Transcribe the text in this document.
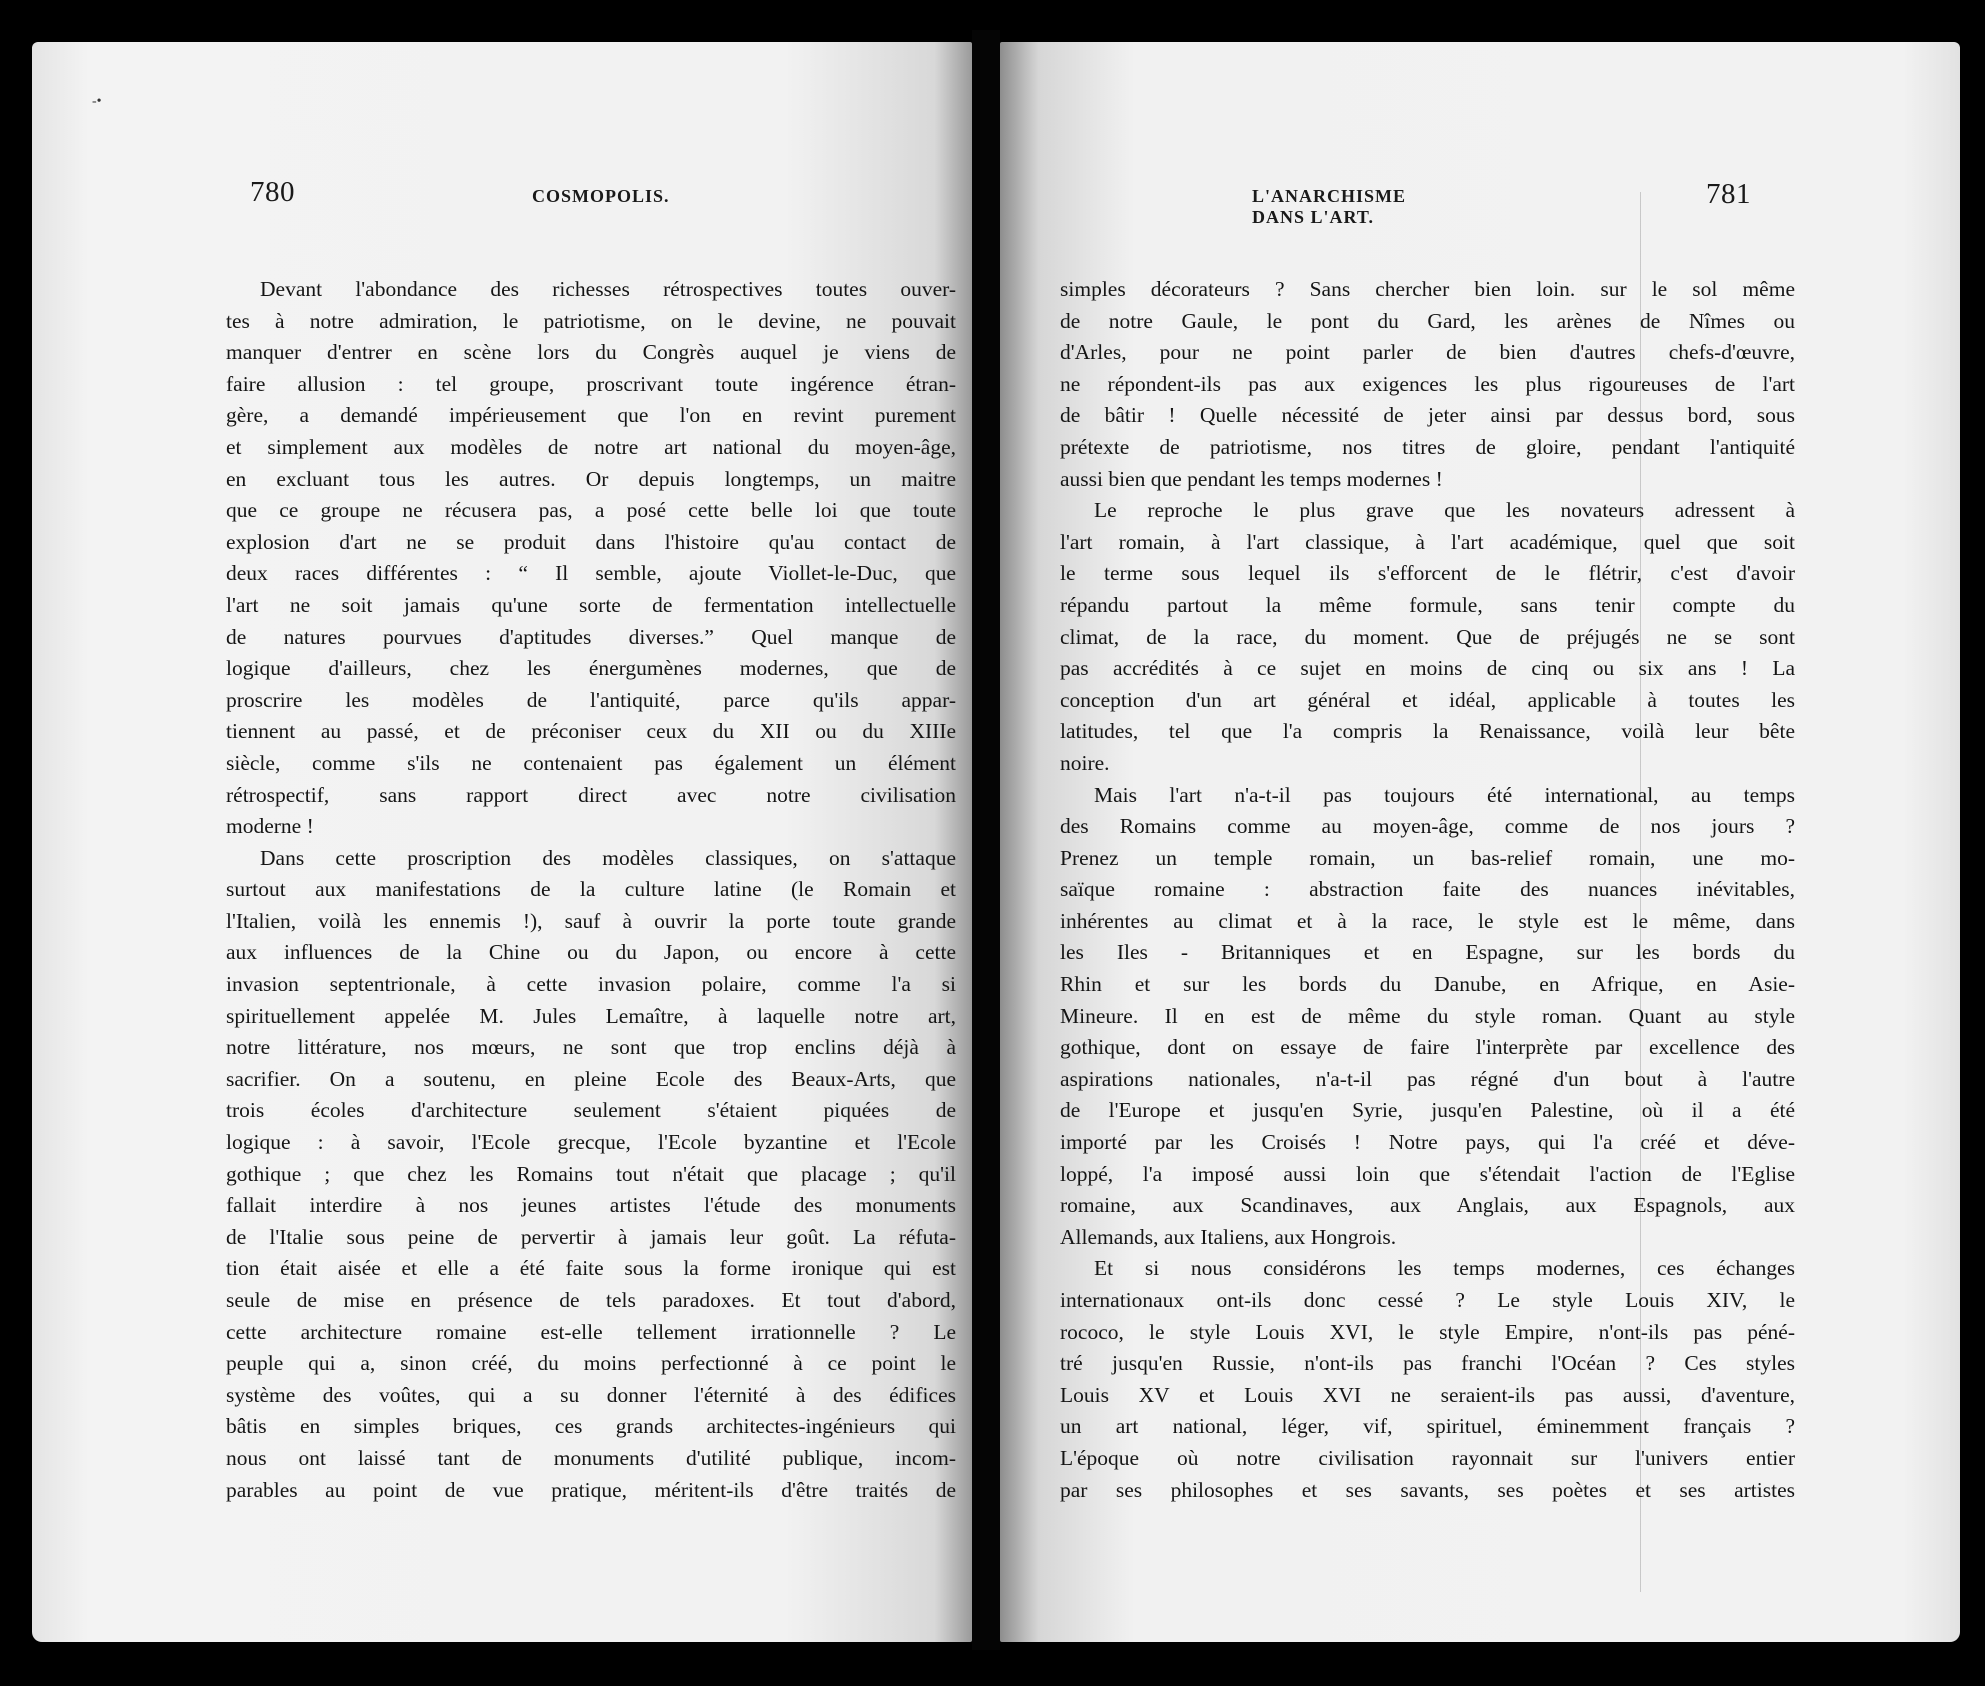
780	COSMOPOLIS.
‑•
Devant l'abondance des richesses rétrospectives toutes ouver-
tes à notre admiration, le patriotisme, on le devine, ne pouvait
manquer d'entrer en scène lors du Congrès auquel je viens de
faire allusion : tel groupe, proscrivant toute ingérence étran-
gère, a demandé impérieusement que l'on en revint purement
et simplement aux modèles de notre art national du moyen-âge,
en excluant tous les autres. Or depuis longtemps, un maitre
que ce groupe ne récusera pas, a posé cette belle loi que toute
explosion d'art ne se produit dans l'histoire qu'au contact de
deux races différentes : “ Il semble, ajoute Viollet-le-Duc, que
l'art ne soit jamais qu'une sorte de fermentation intellectuelle
de natures pourvues d'aptitudes diverses.” Quel manque de
logique d'ailleurs, chez les énergumènes modernes, que de
proscrire les modèles de l'antiquité, parce qu'ils appar-
tiennent au passé, et de préconiser ceux du XII ou du XIIIe
siècle, comme s'ils ne contenaient pas également un élément
rétrospectif, sans rapport direct avec notre civilisation
moderne !
Dans cette proscription des modèles classiques, on s'attaque
surtout aux manifestations de la culture latine (le Romain et
l'Italien, voilà les ennemis !), sauf à ouvrir la porte toute grande
aux influences de la Chine ou du Japon, ou encore à cette
invasion septentrionale, à cette invasion polaire, comme l'a si
spirituellement appelée M. Jules Lemaître, à laquelle notre art,
notre littérature, nos mœurs, ne sont que trop enclins déjà à
sacrifier. On a soutenu, en pleine Ecole des Beaux-Arts, que
trois écoles d'architecture seulement s'étaient piquées de
logique : à savoir, l'Ecole grecque, l'Ecole byzantine et l'Ecole
gothique ; que chez les Romains tout n'était que placage ; qu'il
fallait interdire à nos jeunes artistes l'étude des monuments
de l'Italie sous peine de pervertir à jamais leur goût. La réfuta-
tion était aisée et elle a été faite sous la forme ironique qui est
seule de mise en présence de tels paradoxes. Et tout d'abord,
cette architecture romaine est-elle tellement irrationnelle ? Le
peuple qui a, sinon créé, du moins perfectionné à ce point le
système des voûtes, qui a su donner l'éternité à des édifices
bâtis en simples briques, ces grands architectes-ingénieurs qui
nous ont laissé tant de monuments d'utilité publique, incom-
parables au point de vue pratique, méritent-ils d'être traités de
L'ANARCHISME DANS L'ART.
781
simples décorateurs ? Sans chercher bien loin. sur le sol même
de notre Gaule, le pont du Gard, les arènes de Nîmes ou
d'Arles, pour ne point parler de bien d'autres chefs-d'œuvre,
ne répondent-ils pas aux exigences les plus rigoureuses de l'art
de bâtir ! Quelle nécessité de jeter ainsi par dessus bord, sous
prétexte de patriotisme, nos titres de gloire, pendant l'antiquité
aussi bien que pendant les temps modernes !
Le reproche le plus grave que les novateurs adressent à
l'art romain, à l'art classique, à l'art académique, quel que soit
le terme sous lequel ils s'efforcent de le flétrir, c'est d'avoir
répandu partout la même formule, sans tenir compte du
climat, de la race, du moment. Que de préjugés ne se sont
pas accrédités à ce sujet en moins de cinq ou six ans ! La
conception d'un art général et idéal, applicable à toutes les
latitudes, tel que l'a compris la Renaissance, voilà leur bête
noire.
Mais l'art n'a-t-il pas toujours été international, au temps
des Romains comme au moyen-âge, comme de nos jours ?
Prenez un temple romain, un bas-relief romain, une mo-
saïque romaine : abstraction faite des nuances inévitables,
inhérentes au climat et à la race, le style est le même, dans
les Iles - Britanniques et en Espagne, sur les bords du
Rhin et sur les bords du Danube, en Afrique, en Asie-
Mineure. Il en est de même du style roman. Quant au style
gothique, dont on essaye de faire l'interprète par excellence des
aspirations nationales, n'a-t-il pas régné d'un bout à l'autre
de l'Europe et jusqu'en Syrie, jusqu'en Palestine, où il a été
importé par les Croisés ! Notre pays, qui l'a créé et déve-
loppé, l'a imposé aussi loin que s'étendait l'action de l'Eglise
romaine, aux Scandinaves, aux Anglais, aux Espagnols, aux
Allemands, aux Italiens, aux Hongrois.
Et si nous considérons les temps modernes, ces échanges
internationaux ont-ils donc cessé ? Le style Louis XIV, le
rococo, le style Louis XVI, le style Empire, n'ont-ils pas péné-
tré jusqu'en Russie, n'ont-ils pas franchi l'Océan ? Ces styles
Louis XV et Louis XVI ne seraient-ils pas aussi, d'aventure,
un art national, léger, vif, spirituel, éminemment français ?
L'époque où notre civilisation rayonnait sur l'univers entier
par ses philosophes et ses savants, ses poètes et ses artistes
